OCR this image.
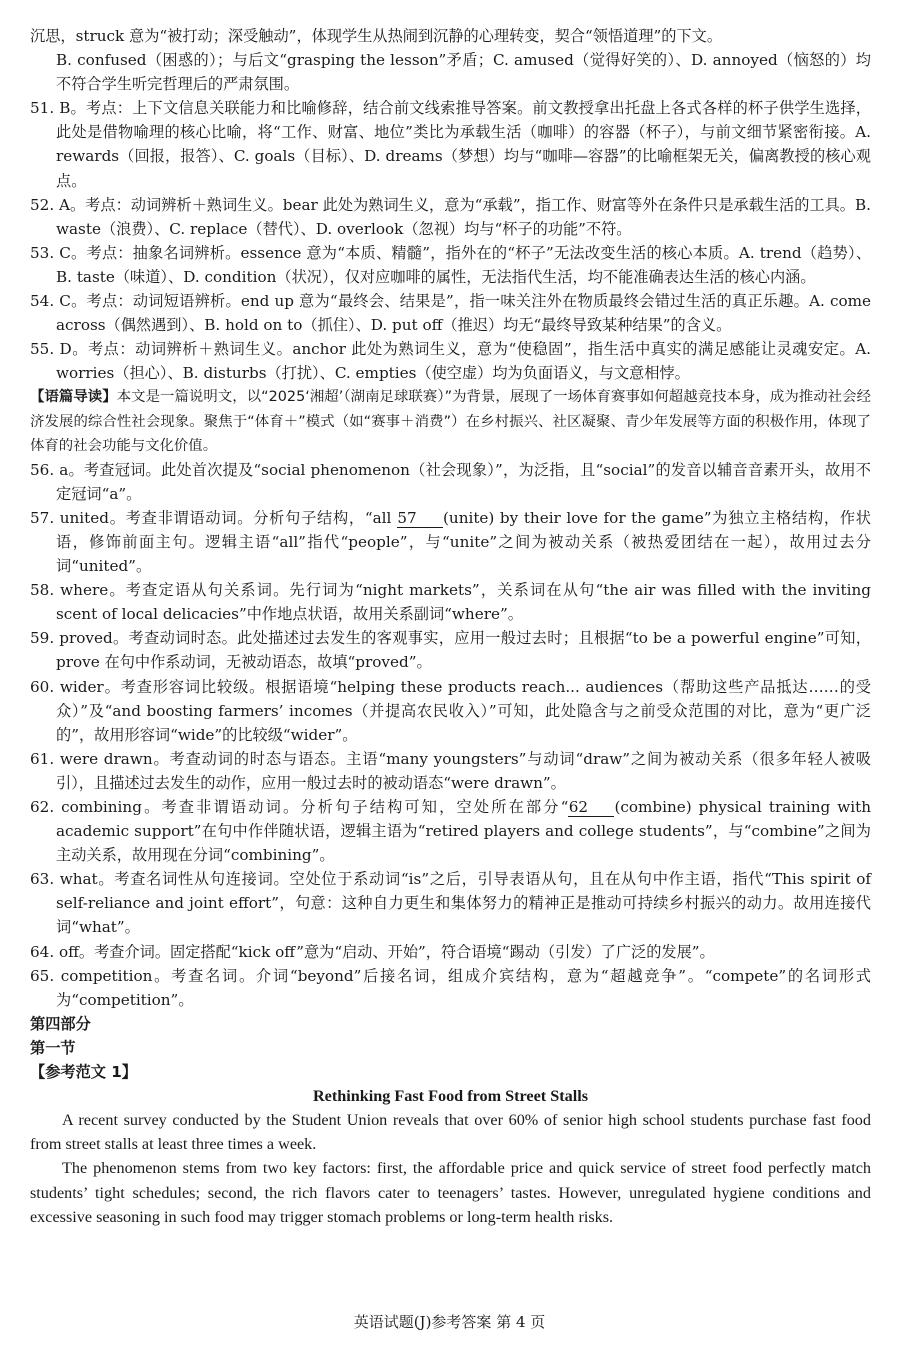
沉思，struck 意为“被打动；深受触动”，体现学生从热闹到沉静的心理转变，契合“领悟道理”的下文。

B. confused（困惑的）；与后文“grasping the lesson”矛盾；C. amused（觉得好笑的）、D. annoyed（恼怒的）均不符合学生听完哲理后的严肃氛围。

51. B。考点：上下文信息关联能力和比喻修辞，结合前文线索推导答案。前文教授拿出托盘上各式各样的杯子供学生选择，此处是借物喻理的核心比喻，将“工作、财富、地位”类比为承载生活（咖啡）的容器（杯子），与前文细节紧密衔接。A. rewards（回报，报答）、C. goals（目标）、D. dreams（梦想）均与“咖啡—容器”的比喻框架无关，偏离教授的核心观点。

52. A。考点：动词辨析＋熟词生义。bear 此处为熟词生义，意为“承载”，指工作、财富等外在条件只是承载生活的工具。B. waste（浪费）、C. replace（替代）、D. overlook（忽视）均与“杯子的功能”不符。

53. C。考点：抽象名词辨析。essence 意为“本质、精髓”，指外在的“杯子”无法改变生活的核心本质。A. trend（趋势）、B. taste（味道）、D. condition（状况），仅对应咖啡的属性，无法指代生活，均不能准确表达生活的核心内涵。

54. C。考点：动词短语辨析。end up 意为“最终会、结果是”，指一味关注外在物质最终会错过生活的真正乐趣。A. come across（偶然遇到）、B. hold on to（抓住）、D. put off（推迟）均无“最终导致某种结果”的含义。

55. D。考点：动词辨析＋熟词生义。anchor 此处为熟词生义，意为“使稳固”，指生活中真实的满足感能让灵魂安定。A. worries（担心）、B. disturbs（打扰）、C. empties（使空虚）均为负面语义，与文意相悖。

【语篇导读】本文是一篇说明文，以“2025‘湘超’（湖南足球联赛）”为背景，展现了一场体育赛事如何超越竞技本身，成为推动社会经济发展的综合性社会现象。聚焦于“体育＋”模式（如“赛事＋消费”）在乡村振兴、社区凝聚、青少年发展等方面的积极作用，体现了体育的社会功能与文化价值。

56. a。考查冠词。此处首次提及“social phenomenon（社会现象）”，为泛指，且“social”的发音以辅音音素开头，故用不定冠词“a”。

57. united。考查非谓语动词。分析句子结构，“all 57 (unite) by their love for the game”为独立主格结构，作状语，修饰前面主句。逻辑主语“all”指代“people”，与“unite”之间为被动关系（被热爱团结在一起），故用过去分词“united”。

58. where。考查定语从句关系词。先行词为“night markets”，关系词在从句“the air was filled with the inviting scent of local delicacies”中作地点状语，故用关系副词“where”。

59. proved。考查动词时态。此处描述过去发生的客观事实，应用一般过去时；且根据“to be a powerful engine”可知，prove 在句中作系动词，无被动语态，故填“proved”。

60. wider。考查形容词比较级。根据语境“helping these products reach... audiences（帮助这些产品抵达……的受众）”及“and boosting farmers’ incomes（并提高农民收入）”可知，此处隐含与之前受众范围的对比，意为“更广泛的”，故用形容词“wide”的比较级“wider”。

61. were drawn。考查动词的时态与语态。主语“many youngsters”与动词“draw”之间为被动关系（很多年轻人被吸引），且描述过去发生的动作，应用一般过去时的被动语态“were drawn”。

62. combining。考查非谓语动词。分析句子结构可知，空处所在部分“62 (combine) physical training with academic support”在句中作伴随状语，逻辑主语为“retired players and college students”，与“combine”之间为主动关系，故用现在分词“combining”。

63. what。考查名词性从句连接词。空处位于系动词“is”之后，引导表语从句，且在从句中作主语，指代“This spirit of self-reliance and joint effort”，句意：这种自力更生和集体努力的精神正是推动可持续乡村振兴的动力。故用连接代词“what”。

64. off。考查介词。固定搭配“kick off”意为“启动、开始”，符合语境“踢动（引发）了广泛的发展”。

65. competition。考查名词。介词“beyond”后接名词，组成介宾结构，意为“超越竞争”。“compete”的名词形式为“competition”。

第四部分

第一节

【参考范文 1】

Rethinking Fast Food from Street Stalls

A recent survey conducted by the Student Union reveals that over 60% of senior high school students purchase fast food from street stalls at least three times a week.

The phenomenon stems from two key factors: first, the affordable price and quick service of street food perfectly match students’ tight schedules; second, the rich flavors cater to teenagers’ tastes. However, unregulated hygiene conditions and excessive seasoning in such food may trigger stomach problems or long-term health risks.

英语试题(J)参考答案 第 4 页
